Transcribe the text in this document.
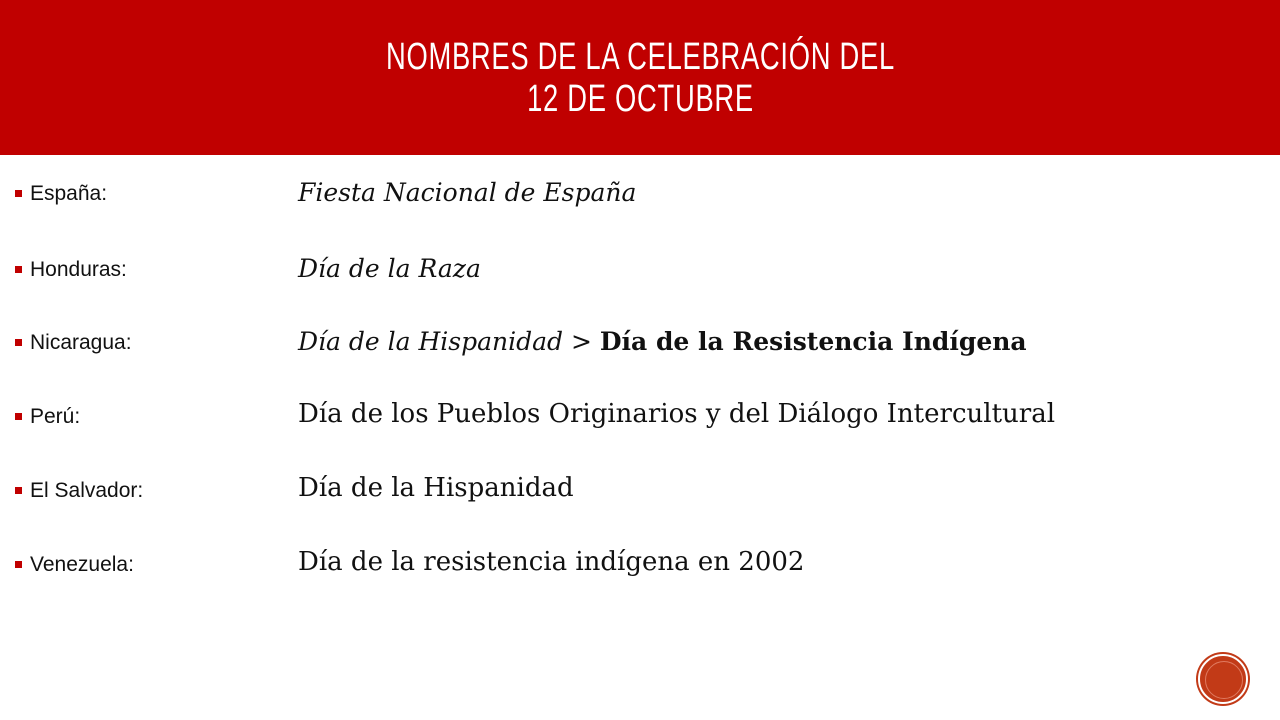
NOMBRES DE LA CELEBRACIÓN DEL
12 DE OCTUBRE
España:	Fiesta Nacional de España
Honduras:	Día de la Raza
Nicaragua:	Día de la Hispanidad > Día de la Resistencia Indígena
Perú:	Día de los Pueblos Originarios y del Diálogo Intercultural
El Salvador:	Día de la Hispanidad
Venezuela:	Día de la resistencia indígena en 2002
